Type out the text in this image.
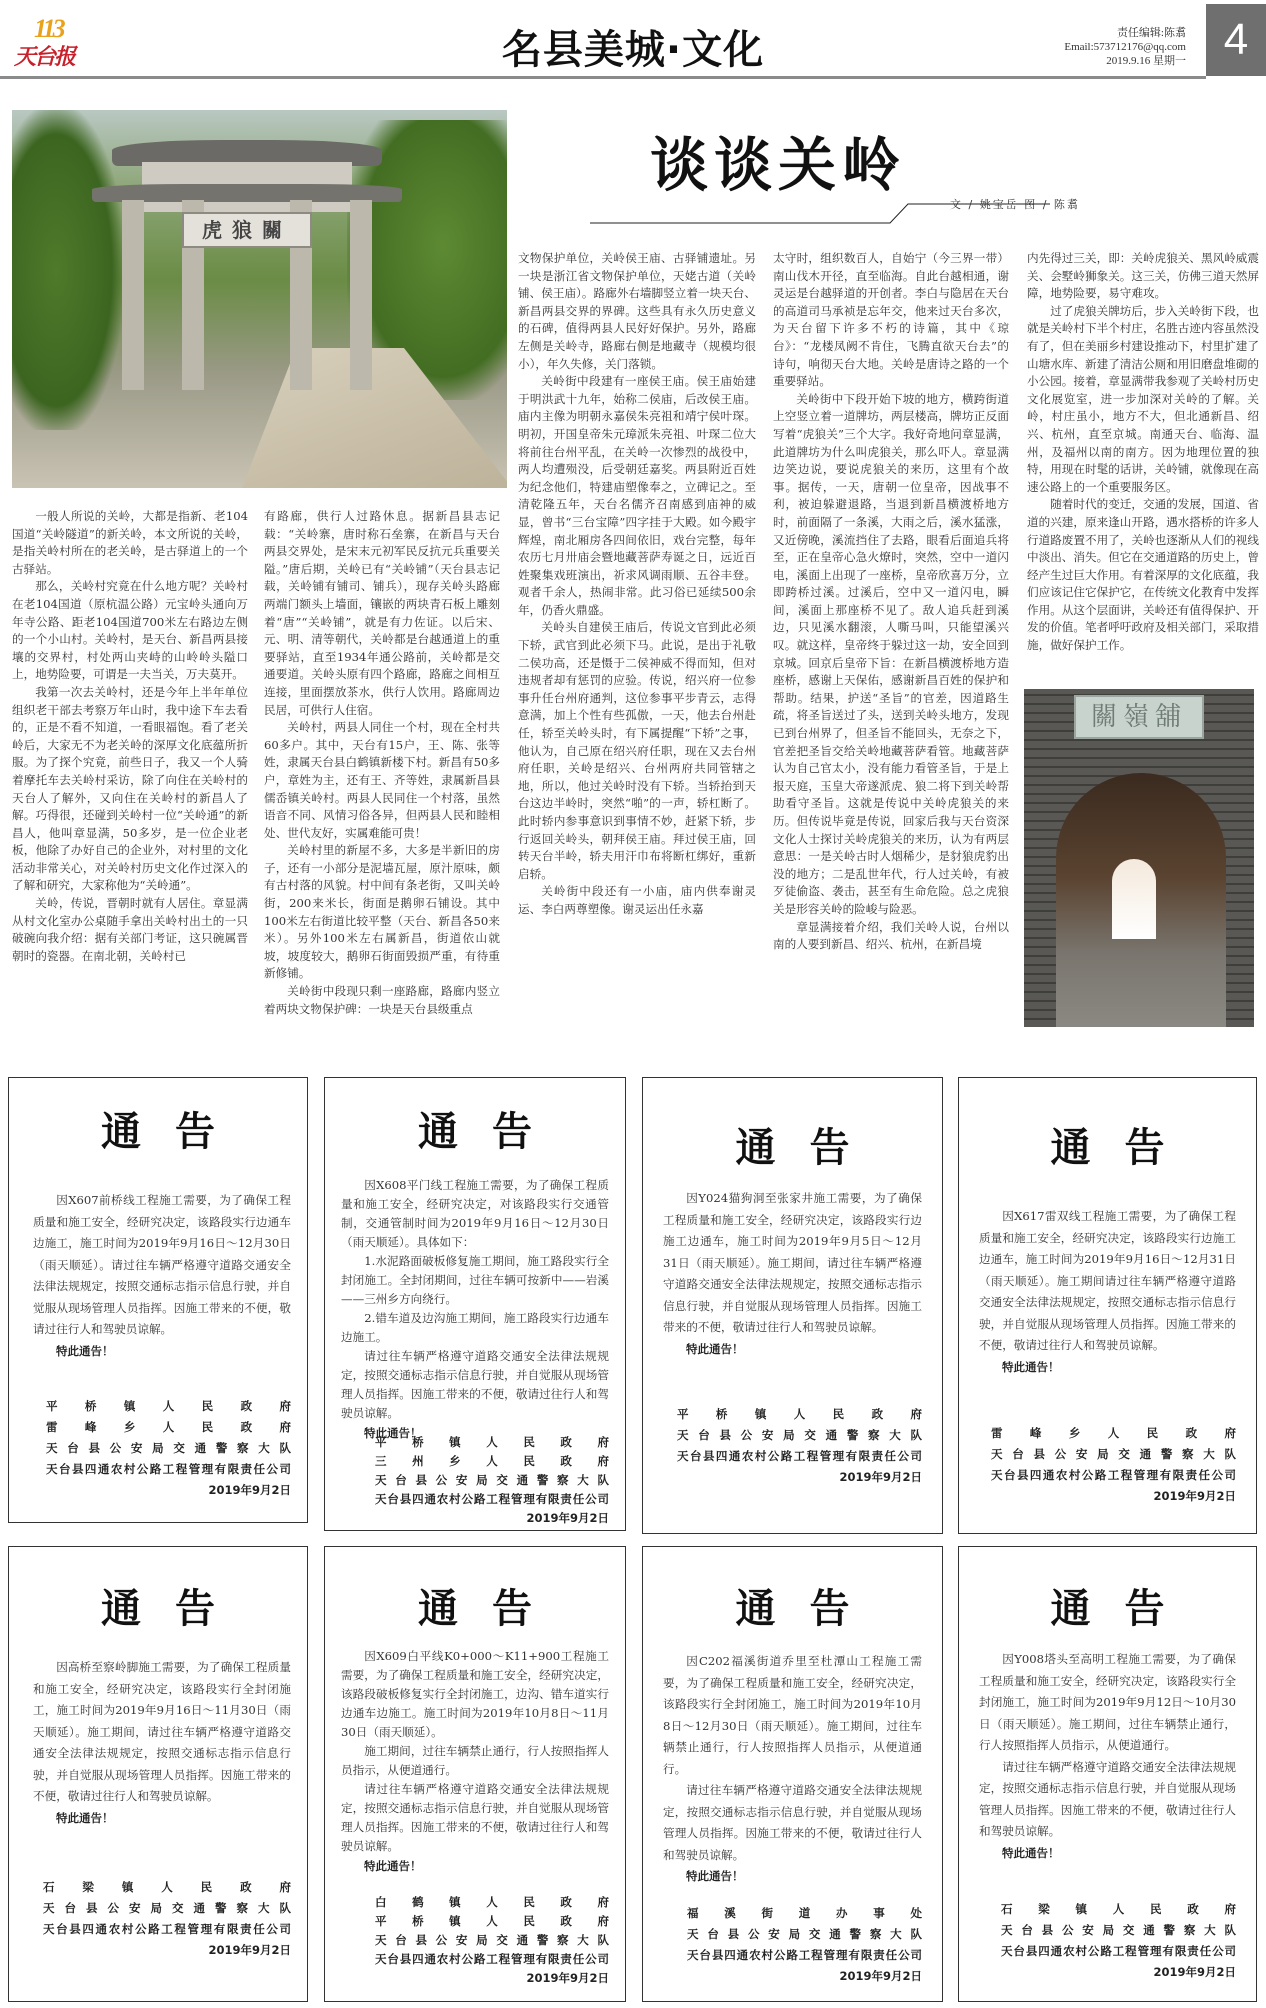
113
天台报	名县美城·文化	责任编辑:陈翥
Email:573712176@qq.com
2019.9.16 星期一 4
虎狼關
谈谈关岭
文 / 姚宝岳 图 / 陈翥

一般人所说的关岭，大都是指新、老104国道“关岭隧道”的新关岭，本文所说的关岭，是指关岭村所在的老关岭，是古驿道上的一个古驿站。

那么，关岭村究竟在什么地方呢？关岭村在老104国道（原杭温公路）元宝岭头通向万年寺公路、距老104国道700米左右路边左侧的一个小山村。关岭村，是天台、新昌两县接壤的交界村，村处两山夹峙的山岭岭头隘口上，地势险要，可谓是一夫当关，万夫莫开。

我第一次去关岭村，还是今年上半年单位组织老干部去考察万年山时，我中途下车去看的，正是不看不知道，一看眼福饱。看了老关岭后，大家无不为老关岭的深厚文化底蕴所折服。为了探个究竟，前些日子，我又一个人骑着摩托车去关岭村采访，除了向住在关岭村的天台人了解外，又向住在关岭村的新昌人了解。巧得很，还碰到关岭村一位“关岭通”的新昌人，他叫章显满，50多岁，是一位企业老板，他除了办好自己的企业外，对村里的文化活动非常关心，对关岭村历史文化作过深入的了解和研究，大家称他为“关岭通”。

关岭，传说，晋朝时就有人居住。章显满从村文化室办公桌随手拿出关岭村出土的一只破碗向我介绍：据有关部门考证，这只碗属晋朝时的瓷器。在南北朝，关岭村已

有路廊，供行人过路休息。据新昌县志记载：“关岭寨，唐时称石垒寨，在新昌与天台两县交界处，是宋末元初军民反抗元兵重要关隘。”唐后期，关岭已有“关岭铺”（天台县志记载，关岭铺有铺司、铺兵），现存关岭头路廊两端门额头上墙面，镶嵌的两块青石板上雕刻着“唐”“关岭铺”，就是有力佐证。以后宋、元、明、清等朝代，关岭都是台越通道上的重要驿站，直至1934年通公路前，关岭都是交通要道。关岭头原有四个路廊，路廊之间相互连接，里面摆放茶水，供行人饮用。路廊周边民居，可供行人住宿。

关岭村，两县人同住一个村，现在全村共60多户。其中，天台有15户，王、陈、张等姓，隶属天台县白鹤镇新楼下村。新昌有50多户，章姓为主，还有王、齐等姓，隶属新昌县儒岙镇关岭村。两县人民同住一个村落，虽然语音不同、风情习俗各异，但两县人民和睦相处、世代友好，实属难能可贵！

关岭村里的新屋不多，大多是半新旧的房子，还有一小部分是泥墙瓦屋，原汁原味，颇有古村落的风貌。村中间有条老街，又叫关岭街，200来米长，街面是鹅卵石铺设。其中100米左右街道比较平整（天台、新昌各50来米）。另外100米左右属新昌，街道依山就坡，坡度较大，鹅卵石街面毁损严重，有待重新修铺。

关岭街中段现只剩一座路廊，路廊内竖立着两块文物保护碑：一块是天台县级重点

文物保护单位，关岭侯王庙、古驿铺遗址。另一块是浙江省文物保护单位，天姥古道（关岭铺、侯王庙）。路廊外右墙脚竖立着一块天台、新昌两县交界的界碑。这些具有永久历史意义的石碑，值得两县人民好好保护。另外，路廊左侧是关岭寺，路廊右侧是地藏寺（规模均很小），年久失修，关门落锁。

关岭街中段建有一座侯王庙。侯王庙始建于明洪武十九年，始称二侯庙，后改侯王庙。庙内主像为明朝永嘉侯朱亮祖和靖宁侯叶琛。明初，开国皇帝朱元璋派朱亮祖、叶琛二位大将前往台州平乱，在关岭一次惨烈的战役中，两人均遭殒没，后受朝廷嘉奖。两县附近百姓为纪念他们，特建庙塑像奉之，立碑记之。至清乾隆五年，天台名儒齐召南感到庙神的威显，曾书“三台宝障”四字挂于大殿。如今殿宇辉煌，南北厢房各四间依旧，戏台完整，每年农历七月卅庙会暨地藏菩萨寿诞之日，远近百姓聚集戏班演出，祈求风调雨顺、五谷丰登。观者千余人，热闹非常。此习俗已延续500余年，仍香火鼎盛。

关岭头自建侯王庙后，传说文官到此必须下轿，武官到此必须下马。此说，是出于礼敬二侯功高，还是慑于二侯神威不得而知，但对违规者却有惩罚的应验。传说，绍兴府一位参事升任台州府通判，这位参事平步青云，志得意满，加上个性有些孤傲，一天，他去台州赴任，轿至关岭头时，有下属提醒“下轿”之事，他认为，自己原在绍兴府任职，现在又去台州府任职，关岭是绍兴、台州两府共同管辖之地，所以，他过关岭时没有下轿。当轿抬到天台这边半岭时，突然“啪”的一声，轿杠断了。此时轿内参事意识到事情不妙，赶紧下轿，步行返回关岭头，朝拜侯王庙。拜过侯王庙，回转天台半岭，轿夫用汗巾布将断杠绑好，重新启轿。

关岭街中段还有一小庙，庙内供奉谢灵运、李白两尊塑像。谢灵运出任永嘉

太守时，组织数百人，自始宁（今三界一带）南山伐木开径，直至临海。自此台越相通，谢灵运是台越驿道的开创者。李白与隐居在天台的高道司马承祯是忘年交，他来过天台多次，为天台留下许多不朽的诗篇，其中《琼台》：“龙楼凤阙不肯住，飞腾直欲天台去”的诗句，响彻天台大地。关岭是唐诗之路的一个重要驿站。

关岭街中下段开始下坡的地方，横跨街道上空竖立着一道牌坊，两层楼高，牌坊正反面写着“虎狼关”三个大字。我好奇地问章显满，此道牌坊为什么叫虎狼关，那么吓人。章显满边笑边说，要说虎狼关的来历，这里有个故事。据传，一天，唐朝一位皇帝，因战事不利，被迫躲避退路，当退到新昌横渡桥地方时，前面隔了一条溪，大雨之后，溪水猛涨，又近傍晚，溪流挡住了去路，眼看后面追兵将至，正在皇帝心急火燎时，突然，空中一道闪电，溪面上出现了一座桥，皇帝欣喜万分，立即跨桥过溪。过溪后，空中又一道闪电，瞬间，溪面上那座桥不见了。敌人追兵赶到溪边，只见溪水翻滚，人嘶马叫，只能望溪兴叹。就这样，皇帝终于躲过这一劫，安全回到京城。回京后皇帝下旨：在新昌横渡桥地方造座桥，感谢上天保佑，感谢新昌百姓的保护和帮助。结果，护送“圣旨”的官差，因道路生疏，将圣旨送过了头，送到关岭头地方，发现已到台州界了，但圣旨不能回头，无奈之下，官差把圣旨交给关岭地藏菩萨看管。地藏菩萨认为自己官太小，没有能力看管圣旨，于是上报天庭，玉皇大帝遂派虎、狼二将下到关岭帮助看守圣旨。这就是传说中关岭虎狼关的来历。但传说毕竟是传说，回家后我与天台资深文化人士探讨关岭虎狼关的来历，认为有两层意思：一是关岭古时人烟稀少，是豺狼虎豹出没的地方；二是乱世年代，行人过关岭，有被歹徒偷盗、袭击，甚至有生命危险。总之虎狼关是形容关岭的险峻与险恶。

章显满接着介绍，我们关岭人说，台州以南的人要到新昌、绍兴、杭州，在新昌境

内先得过三关，即：关岭虎狼关、黑风岭威震关、会墅岭狮象关。这三关，仿佛三道天然屏障，地势险要，易守难攻。

过了虎狼关牌坊后，步入关岭街下段，也就是关岭村下半个村庄，名胜古迹内容虽然没有了，但在美丽乡村建设推动下，村里扩建了山塘水库、新建了清洁公厕和用旧磨盘堆砌的小公园。接着，章显满带我参观了关岭村历史文化展览室，进一步加深对关岭的了解。关岭，村庄虽小，地方不大，但北通新昌、绍兴、杭州，直至京城。南通天台、临海、温州，及福州以南的南方。因为地理位置的独特，用现在时髦的话讲，关岭铺，就像现在高速公路上的一个重要服务区。

随着时代的变迁，交通的发展，国道、省道的兴建，原来逢山开路，遇水搭桥的许多人行道路废置不用了，关岭也逐渐从人们的视线中淡出、消失。但它在交通道路的历史上，曾经产生过巨大作用。有着深厚的文化底蕴，我们应该记住它保护它，在传统文化教育中发挥作用。从这个层面讲，关岭还有值得保护、开发的价值。笔者呼吁政府及相关部门，采取措施，做好保护工作。

關嶺舖
通告

因X607前桥线工程施工需要，为了确保工程质量和施工安全，经研究决定，该路段实行边通车边施工，施工时间为2019年9月16日～12月30日（雨天顺延）。请过往车辆严格遵守道路交通安全法律法规规定，按照交通标志指示信息行驶，并自觉服从现场管理人员指挥。因施工带来的不便，敬请过往行人和驾驶员谅解。

特此通告！
平桥镇人民政府
雷峰乡人民政府
天台县公安局交通警察大队
天台县四通农村公路工程管理有限责任公司
2019年9月2日
通告

因X608平门线工程施工需要，为了确保工程质量和施工安全，经研究决定，对该路段实行交通管制，交通管制时间为2019年9月16日～12月30日（雨天顺延）。具体如下：

1.水泥路面破板修复施工期间，施工路段实行全封闭施工。全封闭期间，过往车辆可按新中——岩溪——三州乡方向绕行。

2.错车道及边沟施工期间，施工路段实行边通车边施工。

请过往车辆严格遵守道路交通安全法律法规规定，按照交通标志指示信息行驶，并自觉服从现场管理人员指挥。因施工带来的不便，敬请过往行人和驾驶员谅解。

特此通告！
平桥镇人民政府
三州乡人民政府
天台县公安局交通警察大队
天台县四通农村公路工程管理有限责任公司
2019年9月2日
通告

因Y024猫狗洞至张家井施工需要，为了确保工程质量和施工安全，经研究决定，该路段实行边施工边通车，施工时间为2019年9月5日～12月31日（雨天顺延）。施工期间，请过往车辆严格遵守道路交通安全法律法规规定，按照交通标志指示信息行驶，并自觉服从现场管理人员指挥。因施工带来的不便，敬请过往行人和驾驶员谅解。

特此通告！
平桥镇人民政府
天台县公安局交通警察大队
天台县四通农村公路工程管理有限责任公司
2019年9月2日
通告

因X617雷双线工程施工需要，为了确保工程质量和施工安全，经研究决定，该路段实行边施工边通车，施工时间为2019年9月16日～12月31日（雨天顺延）。施工期间请过往车辆严格遵守道路交通安全法律法规规定，按照交通标志指示信息行驶，并自觉服从现场管理人员指挥。因施工带来的不便，敬请过往行人和驾驶员谅解。

特此通告！
雷峰乡人民政府
天台县公安局交通警察大队
天台县四通农村公路工程管理有限责任公司
2019年9月2日
通告

因高桥至察岭脚施工需要，为了确保工程质量和施工安全，经研究决定，该路段实行全封闭施工，施工时间为2019年9月16日～11月30日（雨天顺延）。施工期间，请过往车辆严格遵守道路交通安全法律法规规定，按照交通标志指示信息行驶，并自觉服从现场管理人员指挥。因施工带来的不便，敬请过往行人和驾驶员谅解。

特此通告！
石梁镇人民政府
天台县公安局交通警察大队
天台县四通农村公路工程管理有限责任公司
2019年9月2日
通告

因X609白平线K0+000～K11+900工程施工需要，为了确保工程质量和施工安全，经研究决定，该路段破板修复实行全封闭施工，边沟、错车道实行边通车边施工。施工时间为2019年10月8日～11月30日（雨天顺延）。

施工期间，过往车辆禁止通行，行人按照指挥人员指示，从便道通行。

请过往车辆严格遵守道路交通安全法律法规规定，按照交通标志指示信息行驶，并自觉服从现场管理人员指挥。因施工带来的不便，敬请过往行人和驾驶员谅解。

特此通告！
白鹤镇人民政府
平桥镇人民政府
天台县公安局交通警察大队
天台县四通农村公路工程管理有限责任公司
2019年9月2日
通告

因C202福溪街道乔里至杜潭山工程施工需要，为了确保工程质量和施工安全，经研究决定，该路段实行全封闭施工，施工时间为2019年10月8日～12月30日（雨天顺延）。施工期间，过往车辆禁止通行，行人按照指挥人员指示，从便道通行。

请过往车辆严格遵守道路交通安全法律法规规定，按照交通标志指示信息行驶，并自觉服从现场管理人员指挥。因施工带来的不便，敬请过往行人和驾驶员谅解。

特此通告！
福溪街道办事处
天台县公安局交通警察大队
天台县四通农村公路工程管理有限责任公司
2019年9月2日
通告

因Y008塔头至高明工程施工需要，为了确保工程质量和施工安全，经研究决定，该路段实行全封闭施工，施工时间为2019年9月12日～10月30日（雨天顺延）。施工期间，过往车辆禁止通行，行人按照指挥人员指示，从便道通行。

请过往车辆严格遵守道路交通安全法律法规规定，按照交通标志指示信息行驶，并自觉服从现场管理人员指挥。因施工带来的不便，敬请过往行人和驾驶员谅解。

特此通告！
石梁镇人民政府
天台县公安局交通警察大队
天台县四通农村公路工程管理有限责任公司
2019年9月2日
